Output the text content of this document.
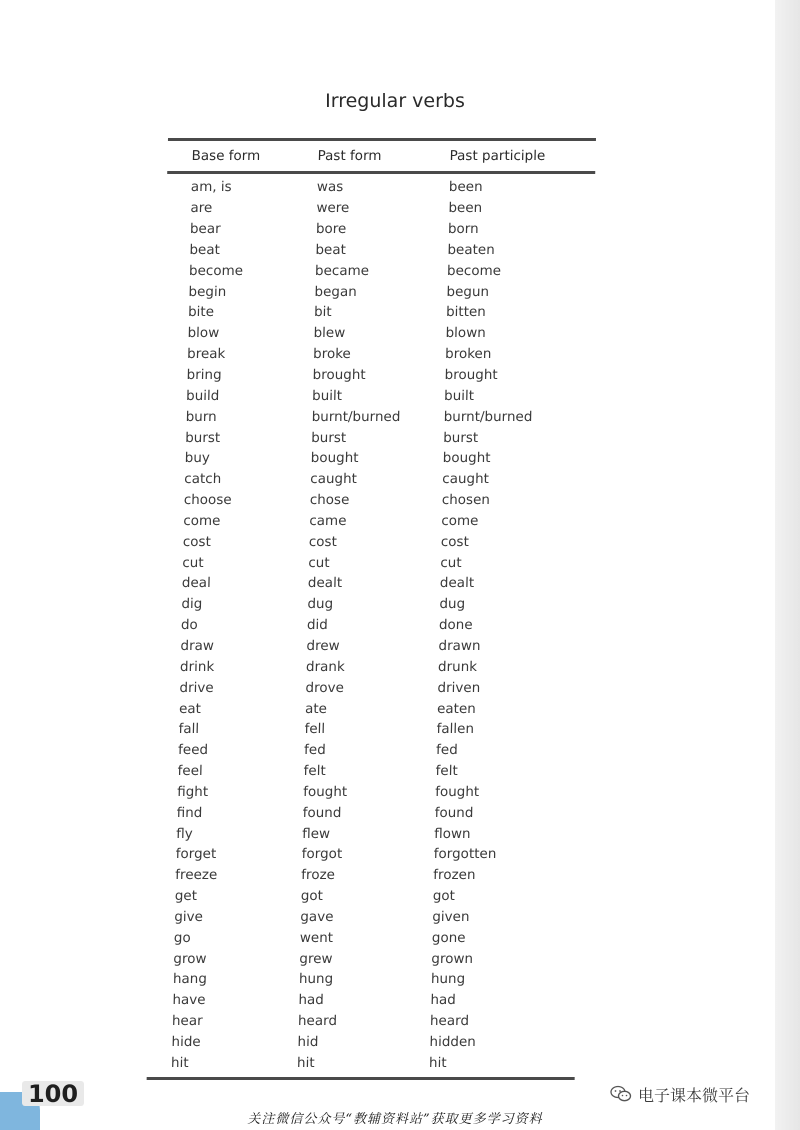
Irregular verbs
Base form	Past form	Past participle
am, is	was	been
are	were	been
bear	bore	born
beat	beat	beaten
become	became	become
begin	began	begun
bite	bit	bitten
blow	blew	blown
break	broke	broken
bring	brought	brought
build	built	built
burn	burnt/burned	burnt/burned
burst	burst	burst
buy	bought	bought
catch	caught	caught
choose	chose	chosen
come	came	come
cost	cost	cost
cut	cut	cut
deal	dealt	dealt
dig	dug	dug
do	did	done
draw	drew	drawn
drink	drank	drunk
drive	drove	driven
eat	ate	eaten
fall	fell	fallen
feed	fed	fed
feel	felt	felt
fight	fought	fought
find	found	found
fly	flew	flown
forget	forgot	forgotten
freeze	froze	frozen
get	got	got
give	gave	given
go	went	gone
grow	grew	grown
hang	hung	hung
have	had	had
hear	heard	heard
hide	hid	hidden
hit	hit	hit
100	电子课本微平台
关注微信公众号“教辅资料站”获取更多学习资料
